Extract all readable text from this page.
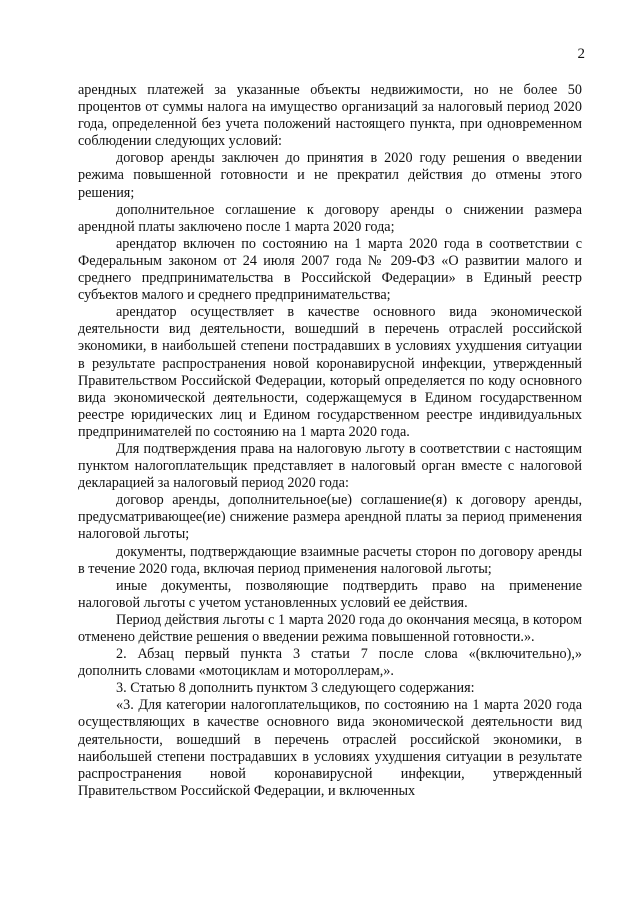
2

арендных платежей за указанные объекты недвижимости, но не более 50 процентов от суммы налога на имущество организаций за налоговый период 2020 года, определенной без учета положений настоящего пункта, при одновременном соблюдении следующих условий:

договор аренды заключен до принятия в 2020 году решения о введении режима повышенной готовности и не прекратил действия до отмены этого решения;

дополнительное соглашение к договору аренды о снижении размера арендной платы заключено после 1 марта 2020 года;

арендатор включен по состоянию на 1 марта 2020 года в соответствии с Федеральным законом от 24 июля 2007 года № 209-ФЗ «О развитии малого и среднего предпринимательства в Российской Федерации» в Единый реестр субъектов малого и среднего предпринимательства;

арендатор осуществляет в качестве основного вида экономической деятельности вид деятельности, вошедший в перечень отраслей российской экономики, в наибольшей степени пострадавших в условиях ухудшения ситуации в результате распространения новой коронавирусной инфекции, утвержденный Правительством Российской Федерации, который определяется по коду основного вида экономической деятельности, содержащемуся в Едином государственном реестре юридических лиц и Едином государственном реестре индивидуальных предпринимателей по состоянию на 1 марта 2020 года.

Для подтверждения права на налоговую льготу в соответствии с настоящим пунктом налогоплательщик представляет в налоговый орган вместе с налоговой декларацией за налоговый период 2020 года:

договор аренды, дополнительное(ые) соглашение(я) к договору аренды, предусматривающее(ие) снижение размера арендной платы за период применения налоговой льготы;

документы, подтверждающие взаимные расчеты сторон по договору аренды в течение 2020 года, включая период применения налоговой льготы;

иные документы, позволяющие подтвердить право на применение налоговой льготы с учетом установленных условий ее действия.

Период действия льготы с 1 марта 2020 года до окончания месяца, в котором отменено действие решения о введении режима повышенной готовности.».

2. Абзац первый пункта 3 статьи 7 после слова «(включительно),» дополнить словами «мотоциклам и мотороллерам,».

3. Статью 8 дополнить пунктом 3 следующего содержания:

«3. Для категории налогоплательщиков, по состоянию на 1 марта 2020 года осуществляющих в качестве основного вида экономической деятельности вид деятельности, вошедший в перечень отраслей российской экономики, в наибольшей степени пострадавших в условиях ухудшения ситуации в результате распространения новой коронавирусной инфекции, утвержденный Правительством Российской Федерации, и включенных
